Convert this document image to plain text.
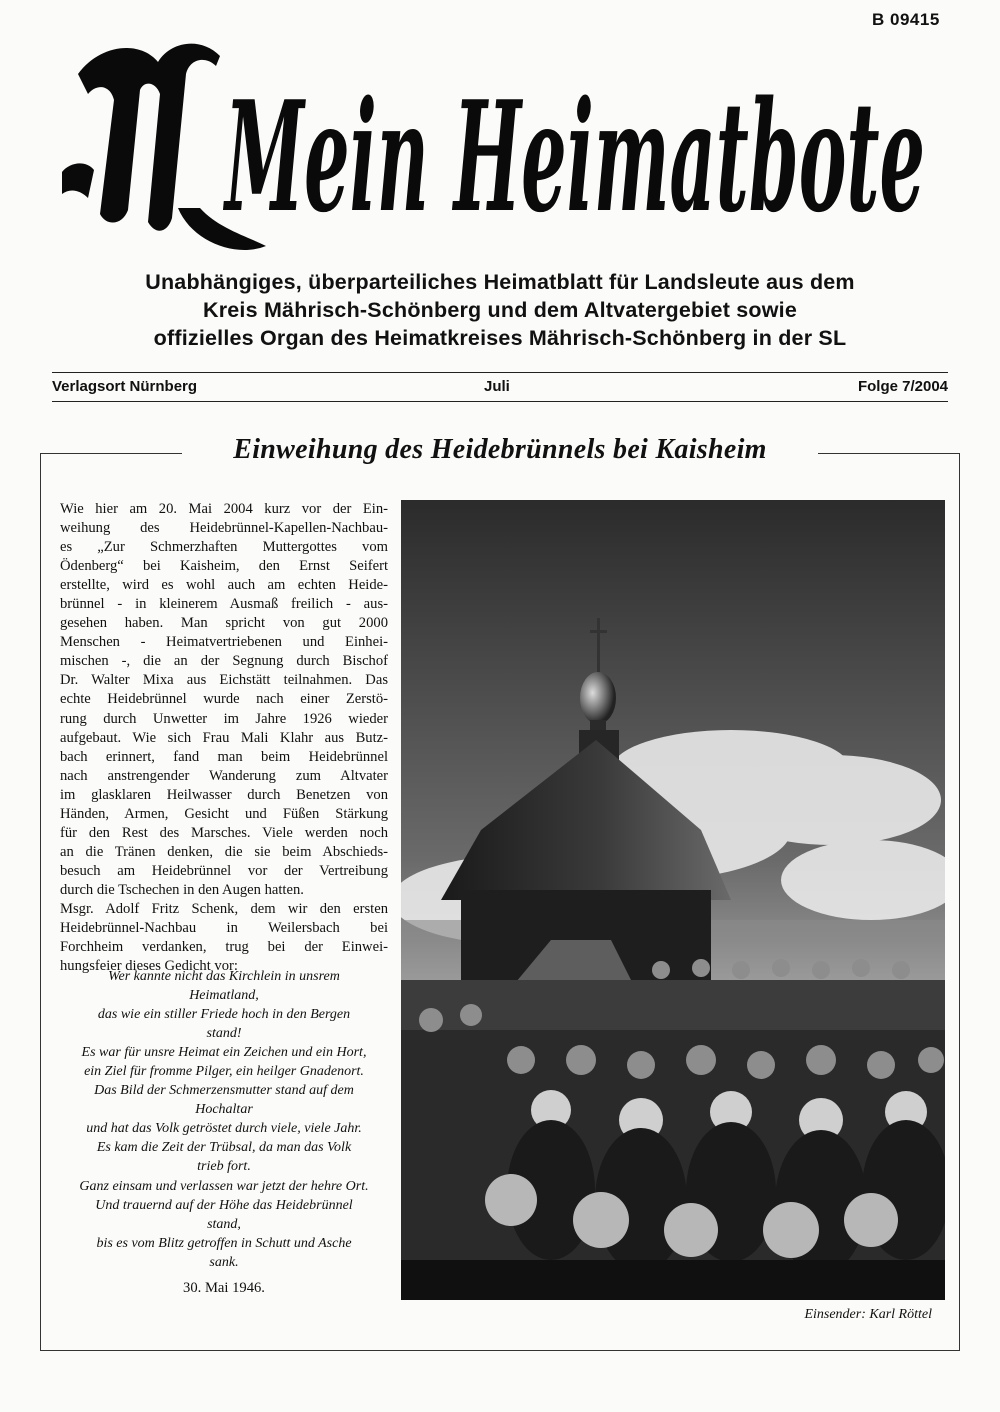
B 09415
Mein Heimatbote
Unabhängiges, überparteiliches Heimatblatt für Landsleute aus dem
Kreis Mährisch-Schönberg und dem Altvatergebiet sowie
offizielles Organ des Heimatkreises Mährisch-Schönberg in der SL
Verlagsort Nürnberg	Juli	Folge 7/2004
Einweihung des Heidebrünnels bei Kaisheim
Wie hier am 20. Mai 2004 kurz vor der Ein-
weihung des Heidebrünnel-Kapellen-Nachbau-
es „Zur Schmerzhaften Muttergottes vom
Ödenberg“ bei Kaisheim, den Ernst Seifert
erstellte, wird es wohl auch am echten Heide-
brünnel - in kleinerem Ausmaß freilich - aus-
gesehen haben. Man spricht von gut 2000
Menschen - Heimatvertriebenen und Einhei-
mischen -, die an der Segnung durch Bischof
Dr. Walter Mixa aus Eichstätt teilnahmen. Das
echte Heidebrünnel wurde nach einer Zerstö-
rung durch Unwetter im Jahre 1926 wieder
aufgebaut. Wie sich Frau Mali Klahr aus Butz-
bach erinnert, fand man beim Heidebrünnel
nach anstrengender Wanderung zum Altvater
im glasklaren Heilwasser durch Benetzen von
Händen, Armen, Gesicht und Füßen Stärkung
für den Rest des Marsches. Viele werden noch
an die Tränen denken, die sie beim Abschieds-
besuch am Heidebrünnel vor der Vertreibung
durch die Tschechen in den Augen hatten.
Msgr. Adolf Fritz Schenk, dem wir den ersten
Heidebrünnel-Nachbau in Weilersbach bei
Forchheim verdanken, trug bei der Einwei-
hungsfeier dieses Gedicht vor:
Wer kannte nicht das Kirchlein in unsrem
Heimatland,
das wie ein stiller Friede hoch in den Bergen
stand!
Es war für unsre Heimat ein Zeichen und ein Hort,
ein Ziel für fromme Pilger, ein heilger Gnadenort.
Das Bild der Schmerzensmutter stand auf dem
Hochaltar
und hat das Volk getröstet durch viele, viele Jahr.
Es kam die Zeit der Trübsal, da man das Volk
trieb fort.
Ganz einsam und verlassen war jetzt der hehre Ort.
Und trauernd auf der Höhe das Heidebrünnel
stand,
bis es vom Blitz getroffen in Schutt und Asche
sank.
30. Mai 1946.
Einsender: Karl Röttel
